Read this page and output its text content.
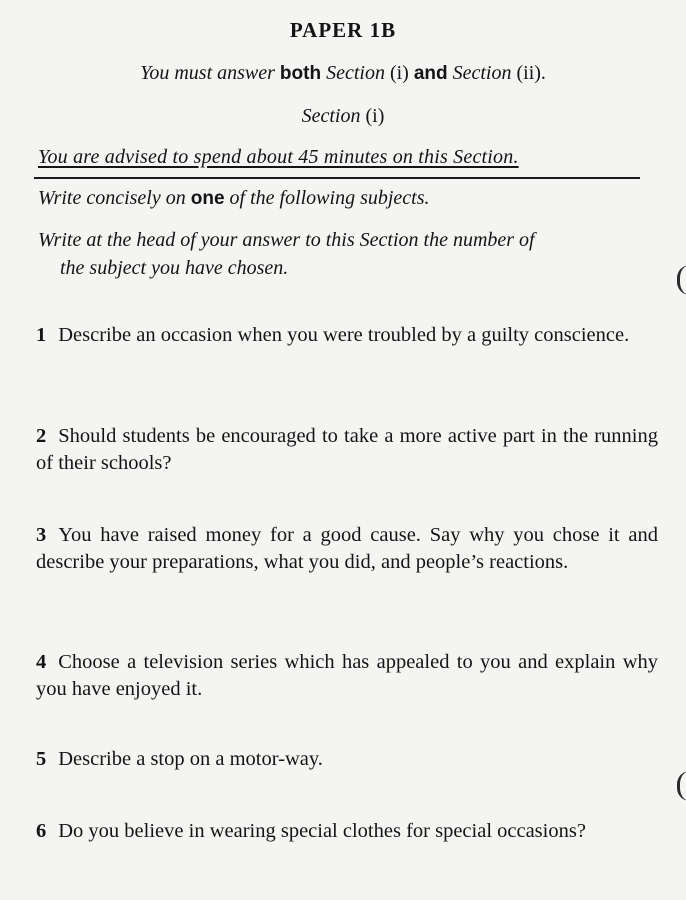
PAPER 1B
You must answer both Section (i) and Section (ii).
Section (i)
You are advised to spend about 45 minutes on this Section.
Write concisely on one of the following subjects.
Write at the head of your answer to this Section the number of
the subject you have chosen.
1 Describe an occasion when you were troubled by a guilty conscience.
2 Should students be encouraged to take a more active part in the running of their schools?
3 You have raised money for a good cause. Say why you chose it and describe your preparations, what you did, and people’s reactions.
4 Choose a television series which has appealed to you and explain why you have enjoyed it.
5 Describe a stop on a motor-way.
6 Do you believe in wearing special clothes for special occasions?
